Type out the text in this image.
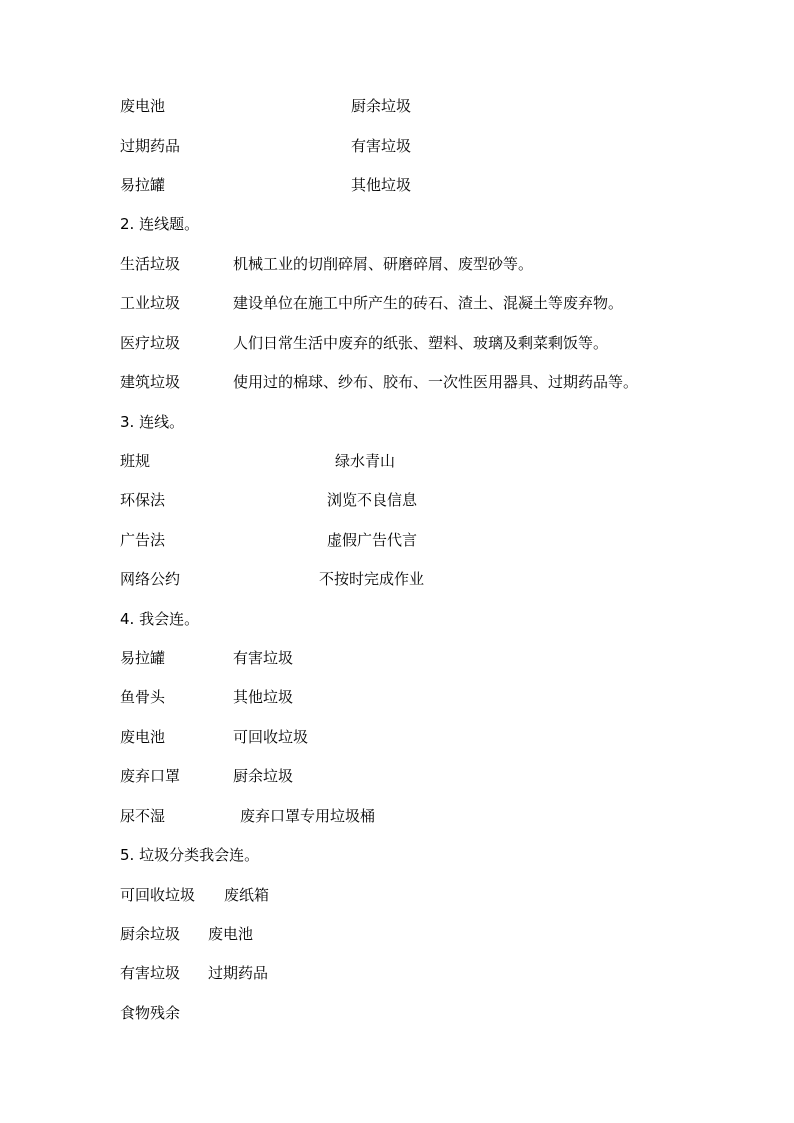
废电池	厨余垃圾
过期药品	有害垃圾
易拉罐	其他垃圾
2. 连线题。
生活垃圾	机械工业的切削碎屑、研磨碎屑、废型砂等。
工业垃圾	建设单位在施工中所产生的砖石、渣土、混凝土等废弃物。
医疗垃圾	人们日常生活中废弃的纸张、塑料、玻璃及剩菜剩饭等。
建筑垃圾	使用过的棉球、纱布、胶布、一次性医用器具、过期药品等。
3. 连线。
班规	绿水青山
环保法	浏览不良信息
广告法	虚假广告代言
网络公约	不按时完成作业
4. 我会连。
易拉罐	有害垃圾
鱼骨头	其他垃圾
废电池	可回收垃圾
废弃口罩	厨余垃圾
尿不湿	废弃口罩专用垃圾桶
5. 垃圾分类我会连。
可回收垃圾 废纸箱
厨余垃圾 废电池
有害垃圾 过期药品
食物残余
